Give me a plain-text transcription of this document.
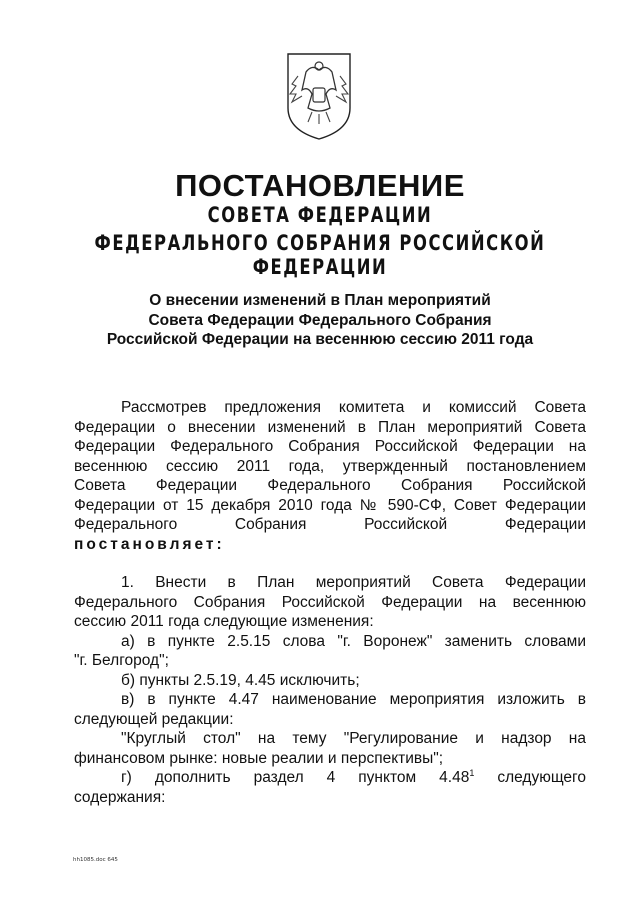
ПОСТАНОВЛЕНИЕ
СОВЕТА ФЕДЕРАЦИИ
ФЕДЕРАЛЬНОГО СОБРАНИЯ РОССИЙСКОЙ ФЕДЕРАЦИИ
О внесении изменений в План мероприятий
Совета Федерации Федерального Собрания
Российской Федерации на весеннюю сессию 2011 года
Рассмотрев предложения комитета и комиссий Совета
Федерации о внесении изменений в План мероприятий Совета
Федерации Федерального Собрания Российской Федерации на
весеннюю сессию 2011 года, утвержденный постановлением
Совета Федерации Федерального Собрания Российской
Федерации от 15 декабря 2010 года № 590-СФ, Совет Федерации
Федерального Собрания Российской Федерации
постановляет:
1. Внести в План мероприятий Совета Федерации
Федерального Собрания Российской Федерации на весеннюю
сессию 2011 года следующие изменения:
а) в пункте 2.5.15 слова "г. Воронеж" заменить словами
"г. Белгород";
б) пункты 2.5.19, 4.45 исключить;
в) в пункте 4.47 наименование мероприятия изложить в
следующей редакции:
"Круглый стол" на тему "Регулирование и надзор на
финансовом рынке: новые реалии и перспективы";
г) дополнить раздел 4 пунктом 4.48$^1$ следующего
содержания:
hh1085.doc 645
